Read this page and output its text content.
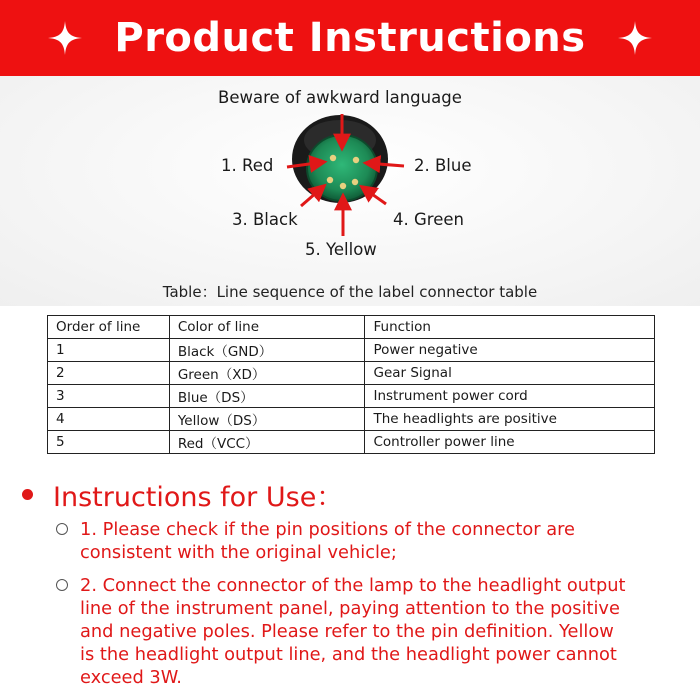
Product Instructions
Beware of awkward language
1. Red	2. Blue
3. Black	4. Green
5. Yellow
Table：Line sequence of the label connector table
Order of line	Color of line	Function
1	Black（GND）	Power negative
2	Green（XD）	Gear Signal
3	Blue（DS）	Instrument power cord
4	Yellow（DS）	The headlights are positive
5	Red（VCC）	Controller power line
Instructions for Use：
1. Please check if the pin positions of the connector are
consistent with the original vehicle;
2. Connect the connector of the lamp to the headlight output
line of the instrument panel, paying attention to the positive
and negative poles. Please refer to the pin definition. Yellow
is the headlight output line, and the headlight power cannot
exceed 3W.
